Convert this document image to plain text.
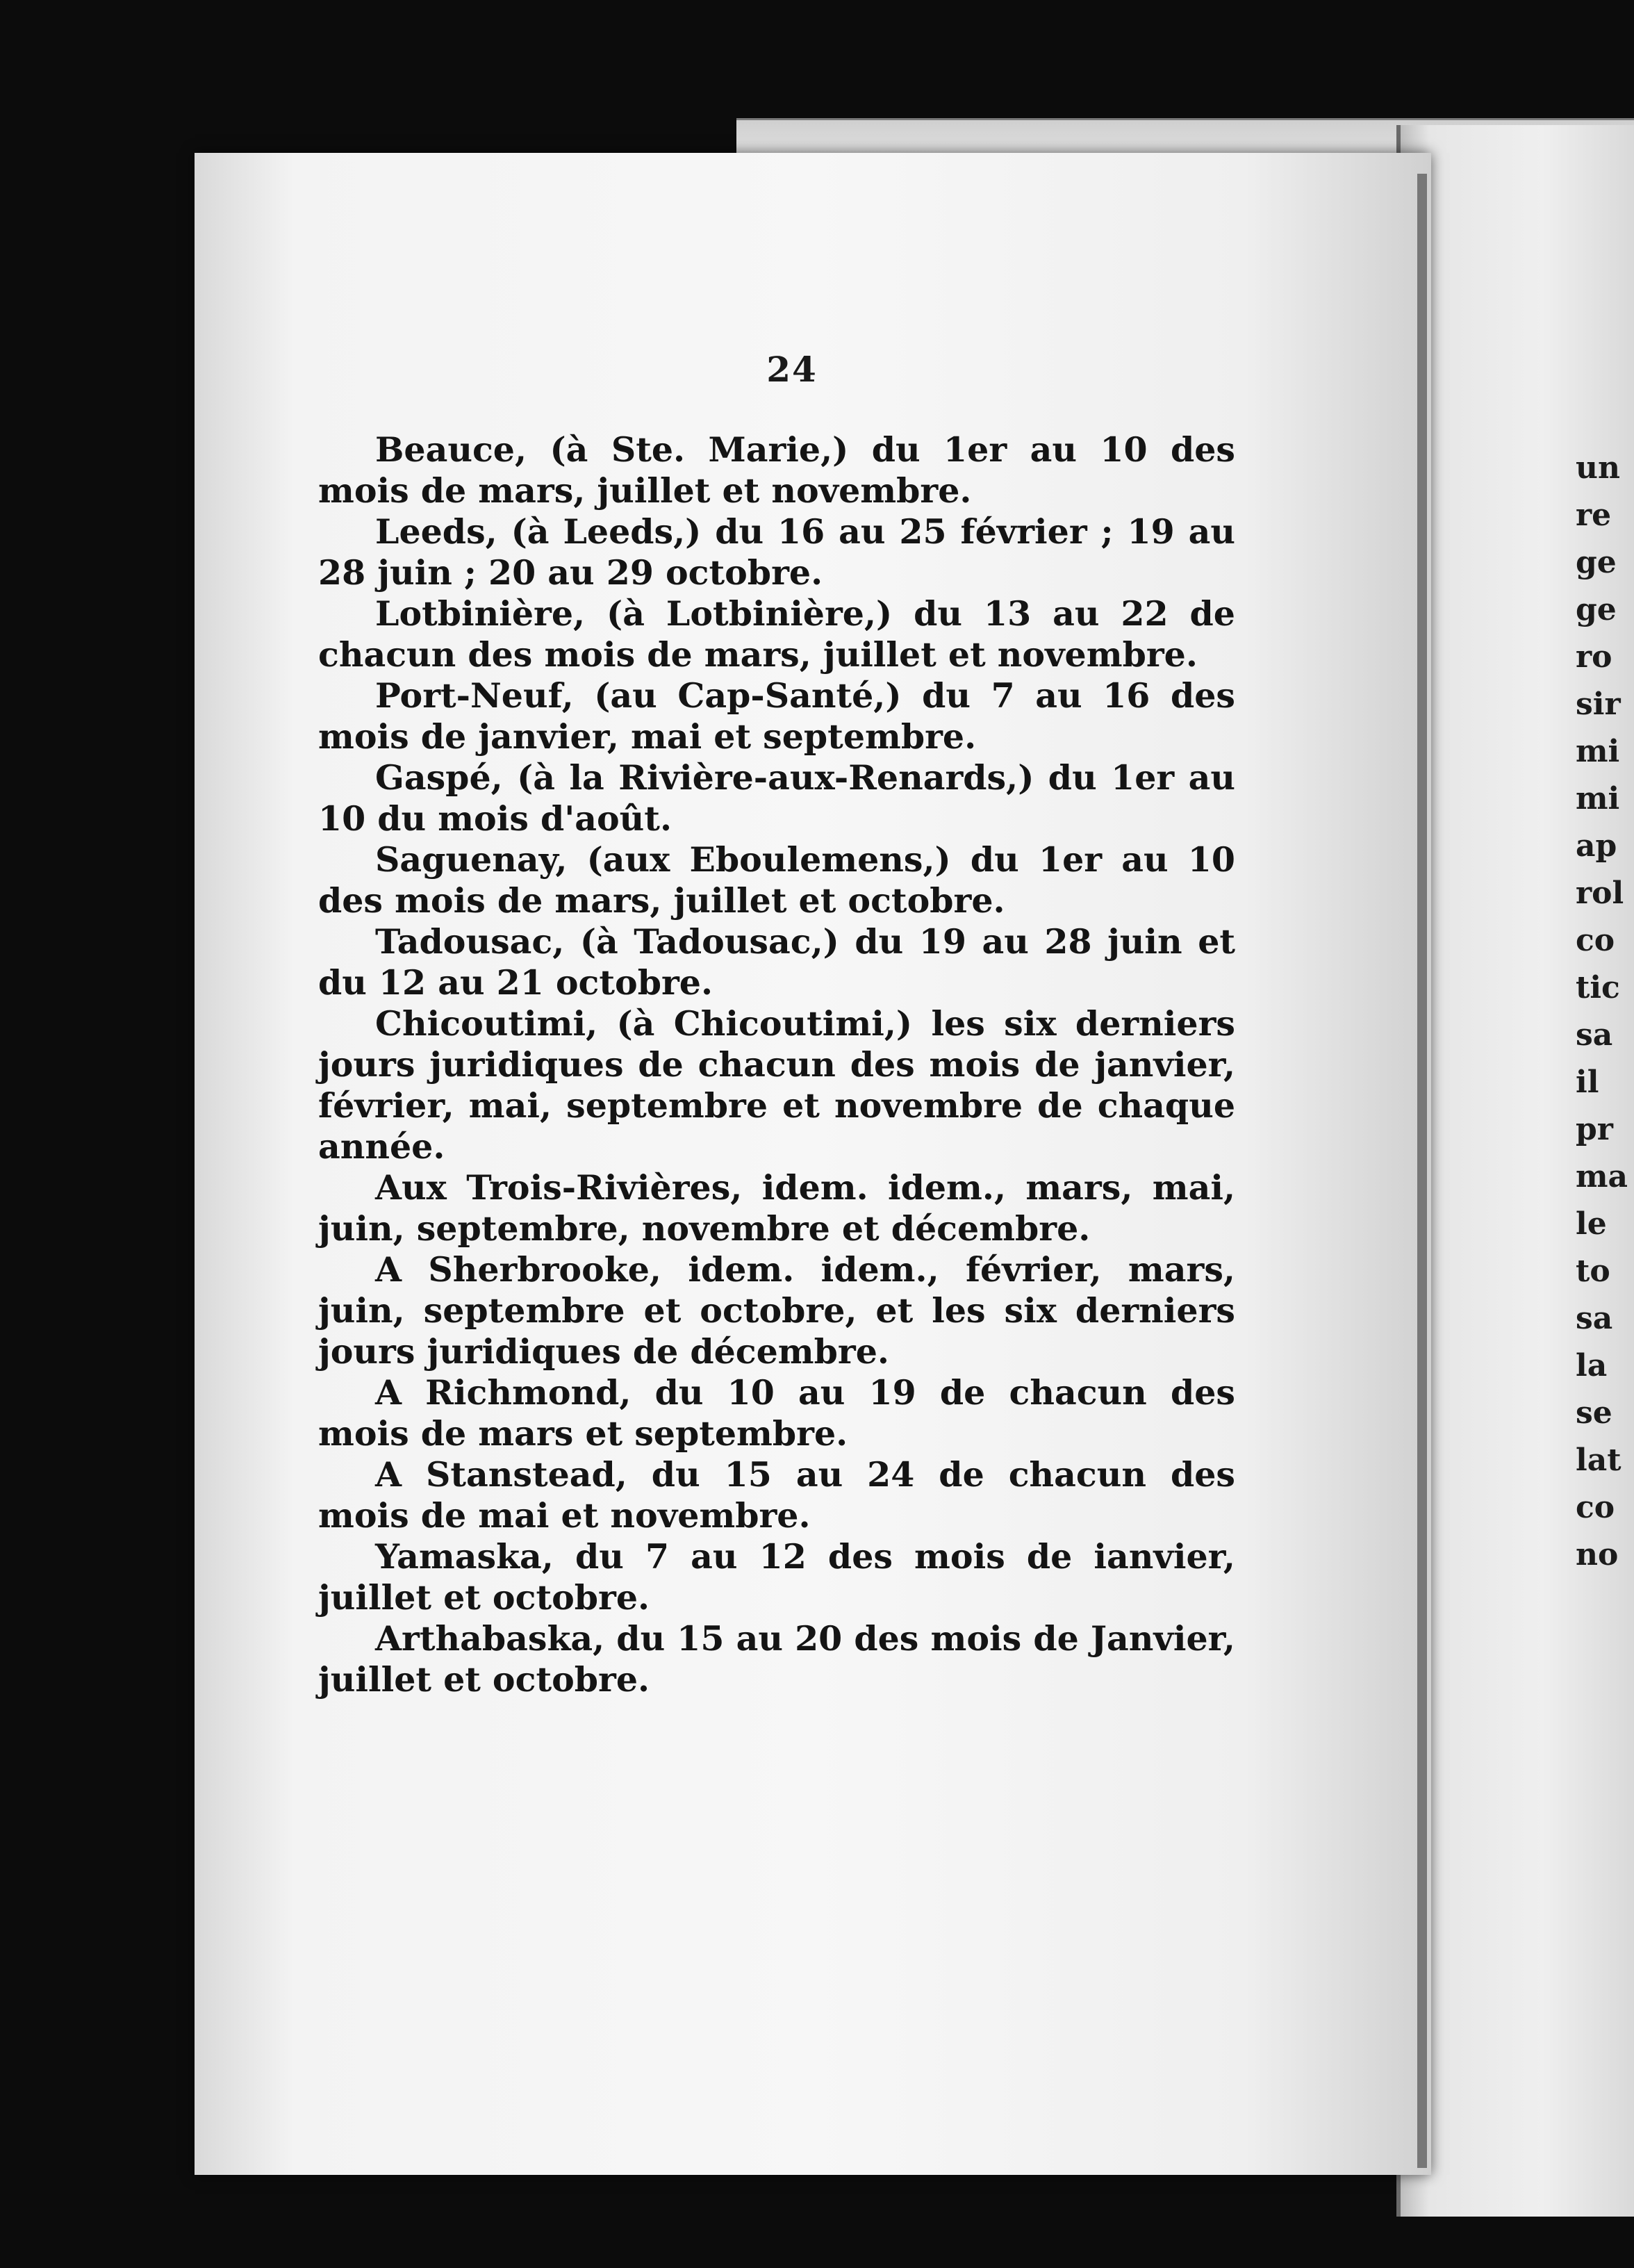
un
re
ge
ge
ro
sir
mi
mi
ap
rol
co
tic
sa
il
pr
ma
le
to
sa
la
se
lat
co
no
24

Beauce, (à Ste. Marie,) du 1er au 10 des mois de mars, juillet et novembre.

Leeds, (à Leeds,) du 16 au 25 février ; 19 au 28 juin ; 20 au 29 octobre.

Lotbinière, (à Lotbinière,) du 13 au 22 de chacun des mois de mars, juillet et novembre.

Port-Neuf, (au Cap-Santé,) du 7 au 16 des mois de janvier, mai et septembre.

Gaspé, (à la Rivière-aux-Renards,) du 1er au 10 du mois d'août.

Saguenay, (aux Eboulemens,) du 1er au 10 des mois de mars, juillet et octobre.

Tadousac, (à Tadousac,) du 19 au 28 juin et du 12 au 21 octobre.

Chicoutimi, (à Chicoutimi,) les six derniers jours juridiques de chacun des mois de janvier, février, mai, septembre et novembre de chaque année.

Aux Trois-Rivières, idem. idem., mars, mai, juin, septembre, novembre et décembre.

A Sherbrooke, idem. idem., février, mars, juin, septembre et octobre, et les six derniers jours juridiques de décembre.

A Richmond, du 10 au 19 de chacun des mois de mars et septembre.

A Stanstead, du 15 au 24 de chacun des mois de mai et novembre.

Yamaska, du 7 au 12 des mois de ianvier, juillet et octobre.

Arthabaska, du 15 au 20 des mois de Janvier, juillet et octobre.
